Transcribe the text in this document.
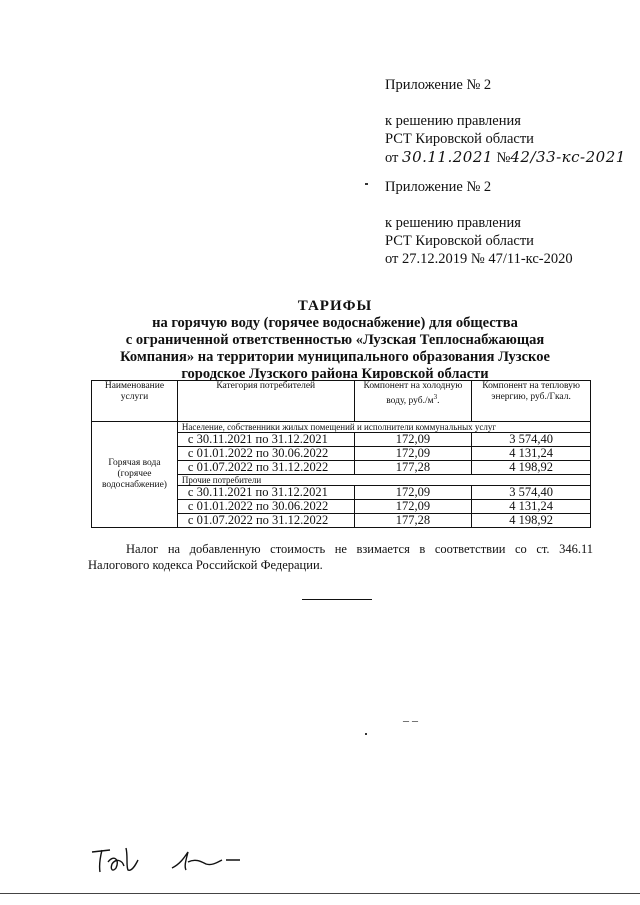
Приложение № 2
к решению правления
РСТ Кировской области
от 30.11.2021 №42/33-кс-2021
Приложение № 2
к решению правления
РСТ Кировской области
от 27.12.2019 № 47/11-кс-2020
ТАРИФЫ
на горячую воду (горячее водоснабжение) для общества
с ограниченной ответственностью «Лузская Теплоснабжающая
Компания» на территории муниципального образования Лузское
городское Лузского района Кировской области
Наименование услуги	Категория потребителей	Компонент на холодную воду, $руб./м^3$.	Компонент на тепловую энергию, руб./Гкал.
Горячая вода (горячее водоснабжение)	Население, собственники жилых помещений и исполнители коммунальных услуг		
	с 30.11.2021 по 31.12.2021	172,09	3 574,40
	с 01.01.2022 по 30.06.2022	172,09	4 131,24
	с 01.07.2022 по 31.12.2022	177,28	4 198,92
	Прочие потребители		
	с 30.11.2021 по 31.12.2021	172,09	3 574,40
	с 01.01.2022 по 30.06.2022	172,09	4 131,24
	с 01.07.2022 по 31.12.2022	177,28	4 198,92
Налог на добавленную стоимость не взимается в соответствии со ст. 346.11 Налогового кодекса Российской Федерации.
– –
